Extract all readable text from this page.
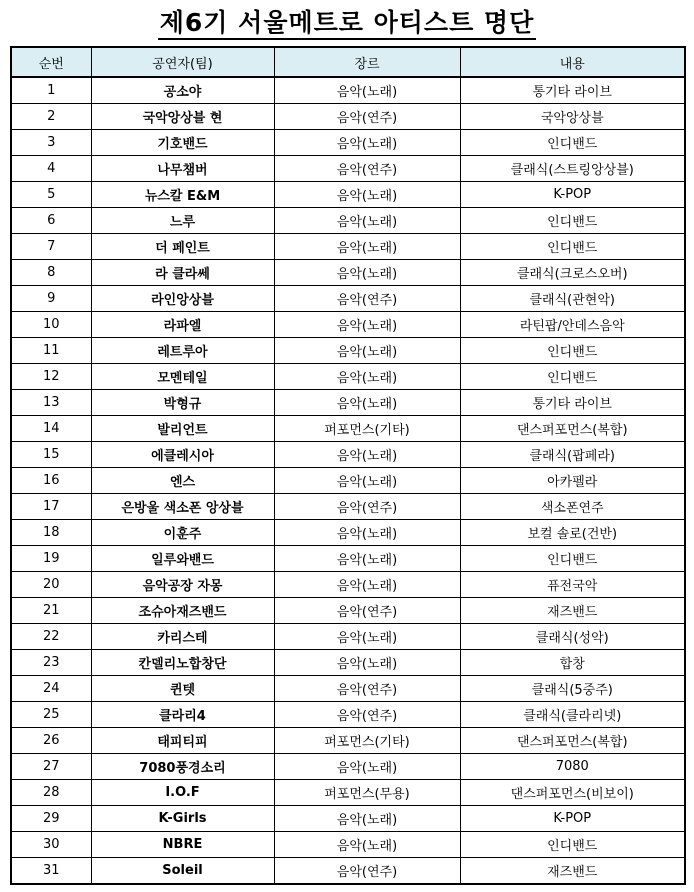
제6기 서울메트로 아티스트 명단
순번	공연자(팀)	장르	내용
1	공소야	음악(노래)	통기타 라이브
2	국악앙상블 현	음악(연주)	국악앙상블
3	기호밴드	음악(노래)	인디밴드
4	나무챔버	음악(연주)	클래식(스트링앙상블)
5	뉴스칼 E&M	음악(노래)	K-POP
6	느루	음악(노래)	인디밴드
7	더 페인트	음악(노래)	인디밴드
8	라 클라쎄	음악(노래)	클래식(크로스오버)
9	라인앙상블	음악(연주)	클래식(관현악)
10	라파엘	음악(노래)	라틴팝/안데스음악
11	레트루아	음악(노래)	인디밴드
12	모멘테일	음악(노래)	인디밴드
13	박형규	음악(노래)	통기타 라이브
14	발리언트	퍼포먼스(기타)	댄스퍼포먼스(복합)
15	에클레시아	음악(노래)	클래식(팝페라)
16	엔스	음악(노래)	아카펠라
17	은방울 색소폰 앙상블	음악(연주)	색소폰연주
18	이훈주	음악(노래)	보컬 솔로(건반)
19	일루와밴드	음악(노래)	인디밴드
20	음악공장 자몽	음악(노래)	퓨전국악
21	조슈아재즈밴드	음악(연주)	재즈밴드
22	카리스테	음악(노래)	클래식(성악)
23	칸델리노합창단	음악(노래)	합창
24	퀸텟	음악(연주)	클래식(5중주)
25	클라리4	음악(연주)	클래식(클라리넷)
26	태피티피	퍼포먼스(기타)	댄스퍼포먼스(복합)
27	7080풍경소리	음악(노래)	7080
28	I.O.F	퍼포먼스(무용)	댄스퍼포먼스(비보이)
29	K-Girls	음악(노래)	K-POP
30	NBRE	음악(노래)	인디밴드
31	Soleil	음악(연주)	재즈밴드
